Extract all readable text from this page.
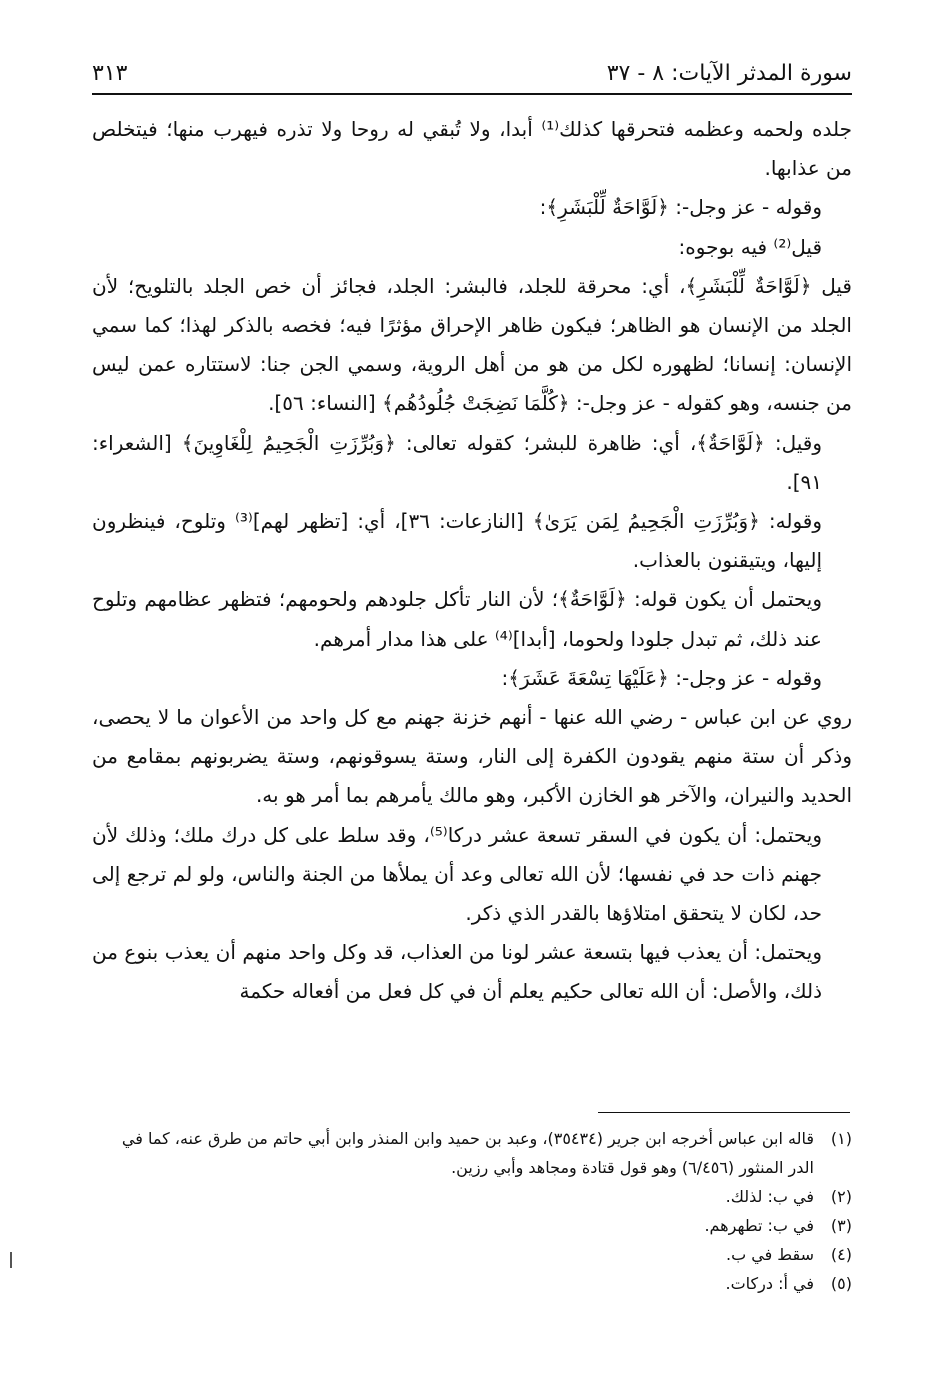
سورة المدثر الآيات: ٨ - ٣٧
٣١٣

جلده ولحمه وعظمه فتحرقها كذلك⁽¹⁾ أبدا، ولا تُبقي له روحا ولا تذره فيهرب منها؛ فيتخلص من عذابها.

وقوله - عز وجل-: ﴿لَوَّاحَةٌ لِّلْبَشَرِ﴾:

قيل⁽²⁾ فيه بوجوه:

قيل ﴿لَوَّاحَةٌ لِّلْبَشَرِ﴾، أي: محرقة للجلد، فالبشر: الجلد، فجائز أن خص الجلد بالتلويح؛ لأن الجلد من الإنسان هو الظاهر؛ فيكون ظاهر الإحراق مؤثرًا فيه؛ فخصه بالذكر لهذا؛ كما سمي الإنسان: إنسانا؛ لظهوره لكل من هو من أهل الروية، وسمي الجن جنا: لاستتاره عمن ليس من جنسه، وهو كقوله - عز وجل-: ﴿كُلَّمَا نَضِجَتْ جُلُودُهُم﴾ [النساء: ٥٦].

وقيل: ﴿لَوَّاحَةٌ﴾، أي: ظاهرة للبشر؛ كقوله تعالى: ﴿وَبُرِّزَتِ الْجَحِيمُ لِلْغَاوِينَ﴾ [الشعراء: ٩١].

وقوله: ﴿وَبُرِّزَتِ الْجَحِيمُ لِمَن يَرَىٰ﴾ [النازعات: ٣٦]، أي: [تظهر لهم]⁽³⁾ وتلوح، فينظرون إليها، ويتيقنون بالعذاب.

ويحتمل أن يكون قوله: ﴿لَوَّاحَةٌ﴾؛ لأن النار تأكل جلودهم ولحومهم؛ فتظهر عظامهم وتلوح عند ذلك، ثم تبدل جلودا ولحوما، [أبدا]⁽⁴⁾ على هذا مدار أمرهم.

وقوله - عز وجل-: ﴿عَلَيْهَا تِسْعَةَ عَشَرَ﴾:

روي عن ابن عباس - رضي الله عنها - أنهم خزنة جهنم مع كل واحد من الأعوان ما لا يحصى، وذكر أن ستة منهم يقودون الكفرة إلى النار، وستة يسوقونهم، وستة يضربونهم بمقامع من الحديد والنيران، والآخر هو الخازن الأكبر، وهو مالك يأمرهم بما أمر هو به.

ويحتمل: أن يكون في السقر تسعة عشر دركا⁽⁵⁾، وقد سلط على كل درك ملك؛ وذلك لأن جهنم ذات حد في نفسها؛ لأن الله تعالى وعد أن يملأها من الجنة والناس، ولو لم ترجع إلى حد، لكان لا يتحقق امتلاؤها بالقدر الذي ذكر.

ويحتمل: أن يعذب فيها بتسعة عشر لونا من العذاب، قد وكل واحد منهم أن يعذب بنوع من ذلك، والأصل: أن الله تعالى حكيم يعلم أن في كل فعل من أفعاله حكمة

(١)
قاله ابن عباس أخرجه ابن جرير (٣٥٤٣٤)، وعبد بن حميد وابن المنذر وابن أبي حاتم من طرق عنه، كما في الدر المنثور (٦/٤٥٦) وهو قول قتادة ومجاهد وأبي رزين.
(٢)
في ب: لذلك.
(٣)
في ب: تطهرهم.
(٤)
سقط في ب.
(٥)
في أ: دركات.
